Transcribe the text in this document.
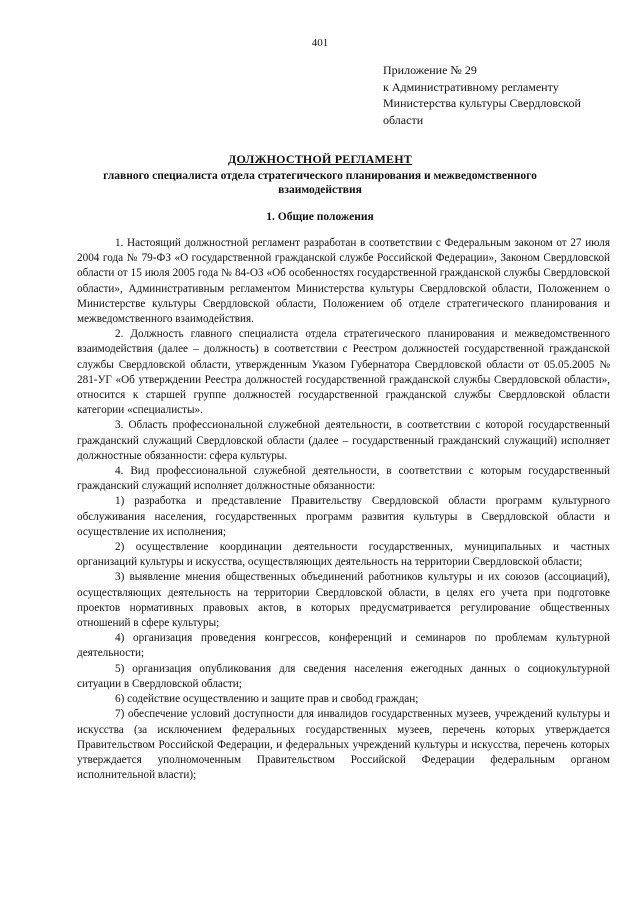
401
Приложение № 29
к Административному регламенту
Министерства культуры Свердловской
области
ДОЛЖНОСТНОЙ РЕГЛАМЕНТ
главного специалиста отдела стратегического планирования и межведомственного взаимодействия
1. Общие положения

1. Настоящий должностной регламент разработан в соответствии с Федеральным законом от 27 июля 2004 года № 79-ФЗ «О государственной гражданской службе Российской Федерации», Законом Свердловской области от 15 июля 2005 года № 84-ОЗ «Об особенностях государственной гражданской службы Свердловской области», Административным регламентом Министерства культуры Свердловской области, Положением о Министерстве культуры Свердловской области, Положением об отделе стратегического планирования и межведомственного взаимодействия.

2. Должность главного специалиста отдела стратегического планирования и межведомственного взаимодействия (далее – должность) в соответствии с Реестром должностей государственной гражданской службы Свердловской области, утвержденным Указом Губернатора Свердловской области от 05.05.2005 № 281-УГ «Об утверждении Реестра должностей государственной гражданской службы Свердловской области», относится к старшей группе должностей государственной гражданской службы Свердловской области категории «специалисты».

3. Область профессиональной служебной деятельности, в соответствии с которой государственный гражданский служащий Свердловской области (далее – государственный гражданский служащий) исполняет должностные обязанности: сфера культуры.

4. Вид профессиональной служебной деятельности, в соответствии с которым государственный гражданский служащий исполняет должностные обязанности:

1) разработка и представление Правительству Свердловской области программ культурного обслуживания населения, государственных программ развития культуры в Свердловской области и осуществление их исполнения;

2) осуществление координации деятельности государственных, муниципальных и частных организаций культуры и искусства, осуществляющих деятельность на территории Свердловской области;

3) выявление мнения общественных объединений работников культуры и их союзов (ассоциаций), осуществляющих деятельность на территории Свердловской области, в целях его учета при подготовке проектов нормативных правовых актов, в которых предусматривается регулирование общественных отношений в сфере культуры;

4) организация проведения конгрессов, конференций и семинаров по проблемам культурной деятельности;

5) организация опубликования для сведения населения ежегодных данных о социокультурной ситуации в Свердловской области;

6) содействие осуществлению и защите прав и свобод граждан;

7) обеспечение условий доступности для инвалидов государственных музеев, учреждений культуры и искусства (за исключением федеральных государственных музеев, перечень которых утверждается Правительством Российской Федерации, и федеральных учреждений культуры и искусства, перечень которых утверждается уполномоченным Правительством Российской Федерации федеральным органом исполнительной власти);
